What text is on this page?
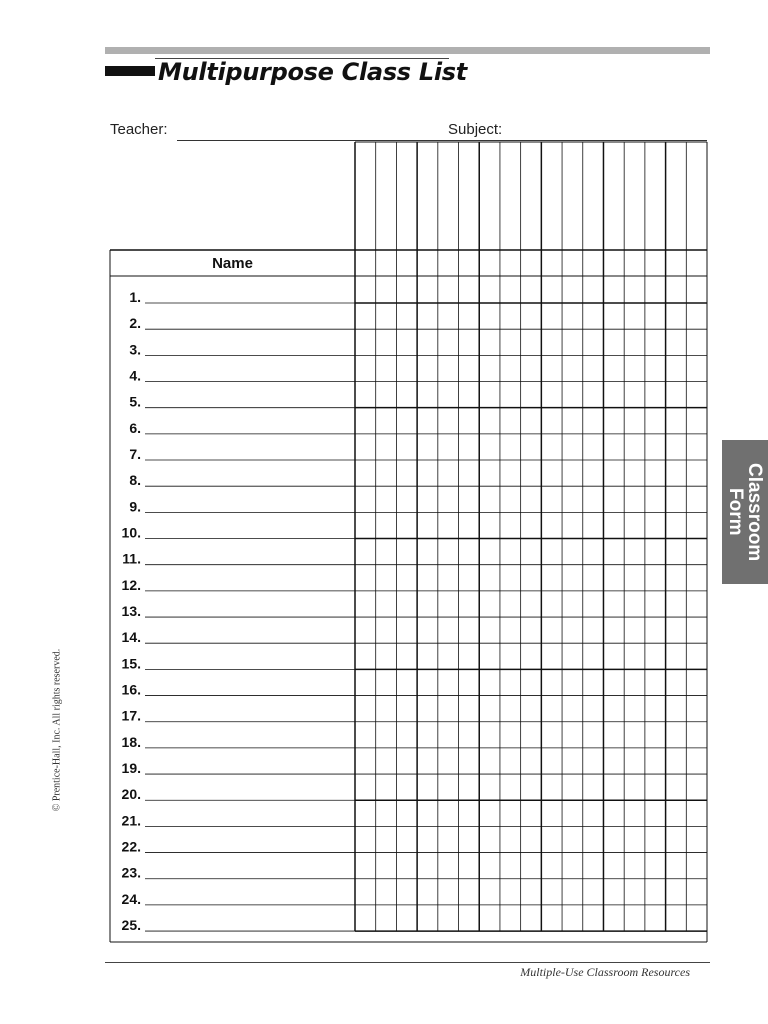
Multipurpose Class List
Teacher:	Subject:
Name
1.
2.
3.
4.
5.
6.
7.
8.
9.
10.
11.
12.
13.
14.
15.
16.
17.
18.
19.
20.
21.
22.
23.
24.
25.
© Prentice-Hall, Inc. All rights reserved.
Classroom Form
Multiple-Use Classroom Resources
